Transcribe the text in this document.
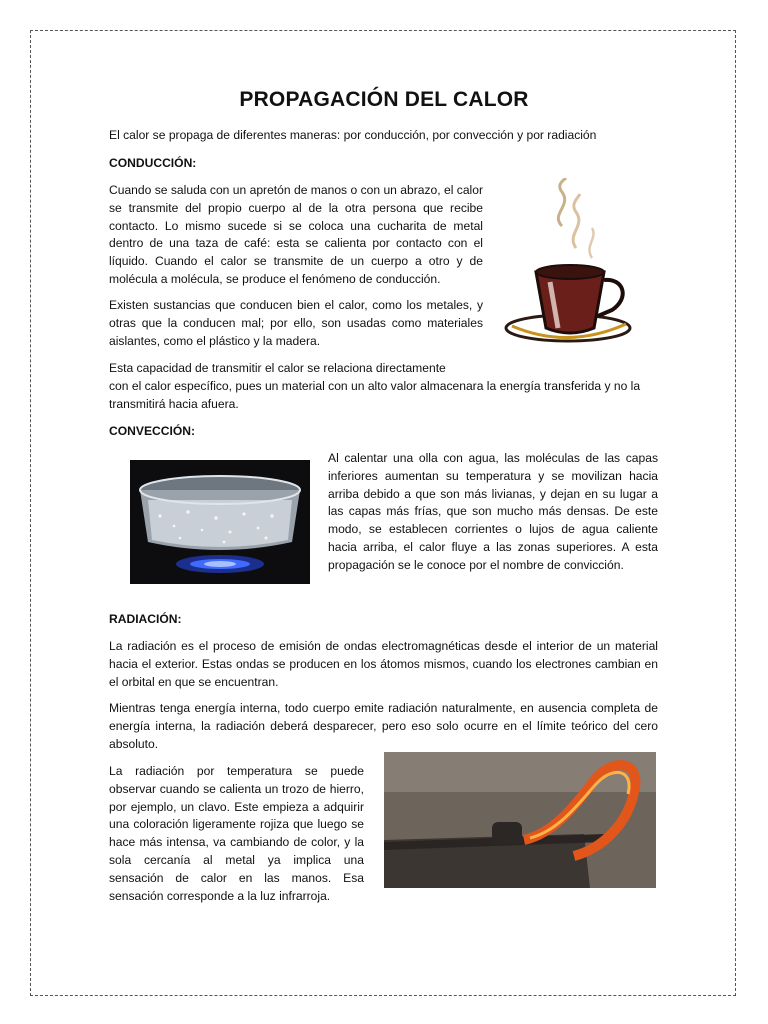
PROPAGACIÓN DEL CALOR

El calor se propaga de diferentes maneras: por conducción, por convección y por radiación

CONDUCCIÓN:

Cuando se saluda con un apretón de manos o con un abrazo, el calor se transmite del propio cuerpo al de la otra persona que recibe contacto. Lo mismo sucede si se coloca una cucharita de metal dentro de una taza de café: esta se calienta por contacto con el líquido. Cuando el calor se transmite de un cuerpo a otro y de molécula a molécula, se produce el fenómeno de conducción.

Existen sustancias que conducen bien el calor, como los metales, y otras que la conducen mal; por ello, son usadas como materiales aislantes, como el plástico y la madera.

Esta capacidad de transmitir el calor se relaciona directamente

con el calor específico, pues un material con un alto valor almacenara la energía transferida y no la transmitirá hacia afuera.

CONVECCIÓN:

Al calentar una olla con agua, las moléculas de las capas inferiores aumentan su temperatura y se movilizan hacia arriba debido a que son más livianas, y dejan en su lugar a las capas más frías, que son mucho más densas. De este modo, se establecen corrientes o lujos de agua caliente hacia arriba, el calor fluye a las zonas superiores. A esta propagación se le conoce por el nombre de convicción.

RADIACIÓN:

La radiación es el proceso de emisión de ondas electromagnéticas desde el interior de un material hacia el exterior. Estas ondas se producen en los átomos mismos, cuando los electrones cambian en el orbital en que se encuentran.

Mientras tenga energía interna, todo cuerpo emite radiación naturalmente, en ausencia completa de energía interna, la radiación deberá desparecer, pero eso solo ocurre en el límite teórico del cero absoluto.

La radiación por temperatura se puede observar cuando se calienta un trozo de hierro, por ejemplo, un clavo. Este empieza a adquirir una coloración ligeramente rojiza que luego se hace más intensa, va cambiando de color, y la sola cercanía al metal ya implica una sensación de calor en las manos. Esa sensación corresponde a la luz infrarroja.
